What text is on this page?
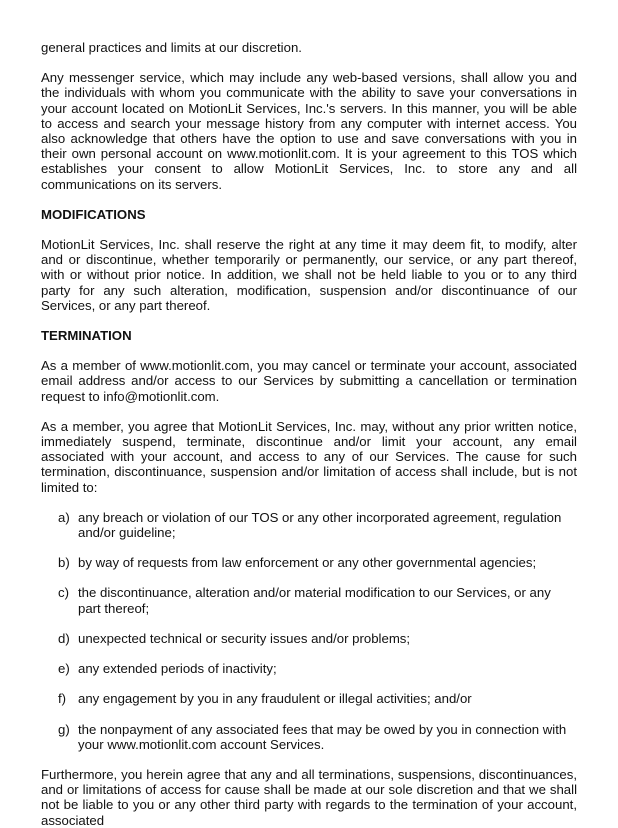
general practices and limits at our discretion.

Any messenger service, which may include any web-based versions, shall allow you and the individuals with whom you communicate with the ability to save your conversations in your account located on MotionLit Services, Inc.'s servers. In this manner, you will be able to access and search your message history from any computer with internet access. You also acknowledge that others have the option to use and save conversations with you in their own personal account on www.motionlit.com. It is your agreement to this TOS which establishes your consent to allow MotionLit Services, Inc. to store any and all communications on its servers.

MODIFICATIONS

MotionLit Services, Inc. shall reserve the right at any time it may deem fit, to modify, alter and or discontinue, whether temporarily or permanently, our service, or any part thereof, with or without prior notice. In addition, we shall not be held liable to you or to any third party for any such alteration, modification, suspension and/or discontinuance of our Services, or any part thereof.

TERMINATION

As a member of www.motionlit.com, you may cancel or terminate your account, associated email address and/or access to our Services by submitting a cancellation or termination request to info@motionlit.com.

As a member, you agree that MotionLit Services, Inc. may, without any prior written notice, immediately suspend, terminate, discontinue and/or limit your account, any email associated with your account, and access to any of our Services. The cause for such termination, discontinuance, suspension and/or limitation of access shall include, but is not limited to:

a) any breach or violation of our TOS or any other incorporated agreement, regulation and/or guideline;
b) by way of requests from law enforcement or any other governmental agencies;
c) the discontinuance, alteration and/or material modification to our Services, or any part thereof;
d) unexpected technical or security issues and/or problems;
e) any extended periods of inactivity;
f) any engagement by you in any fraudulent or illegal activities; and/or
g) the nonpayment of any associated fees that may be owed by you in connection with your www.motionlit.com account Services.

Furthermore, you herein agree that any and all terminations, suspensions, discontinuances, and or limitations of access for cause shall be made at our sole discretion and that we shall not be liable to you or any other third party with regards to the termination of your account, associated
